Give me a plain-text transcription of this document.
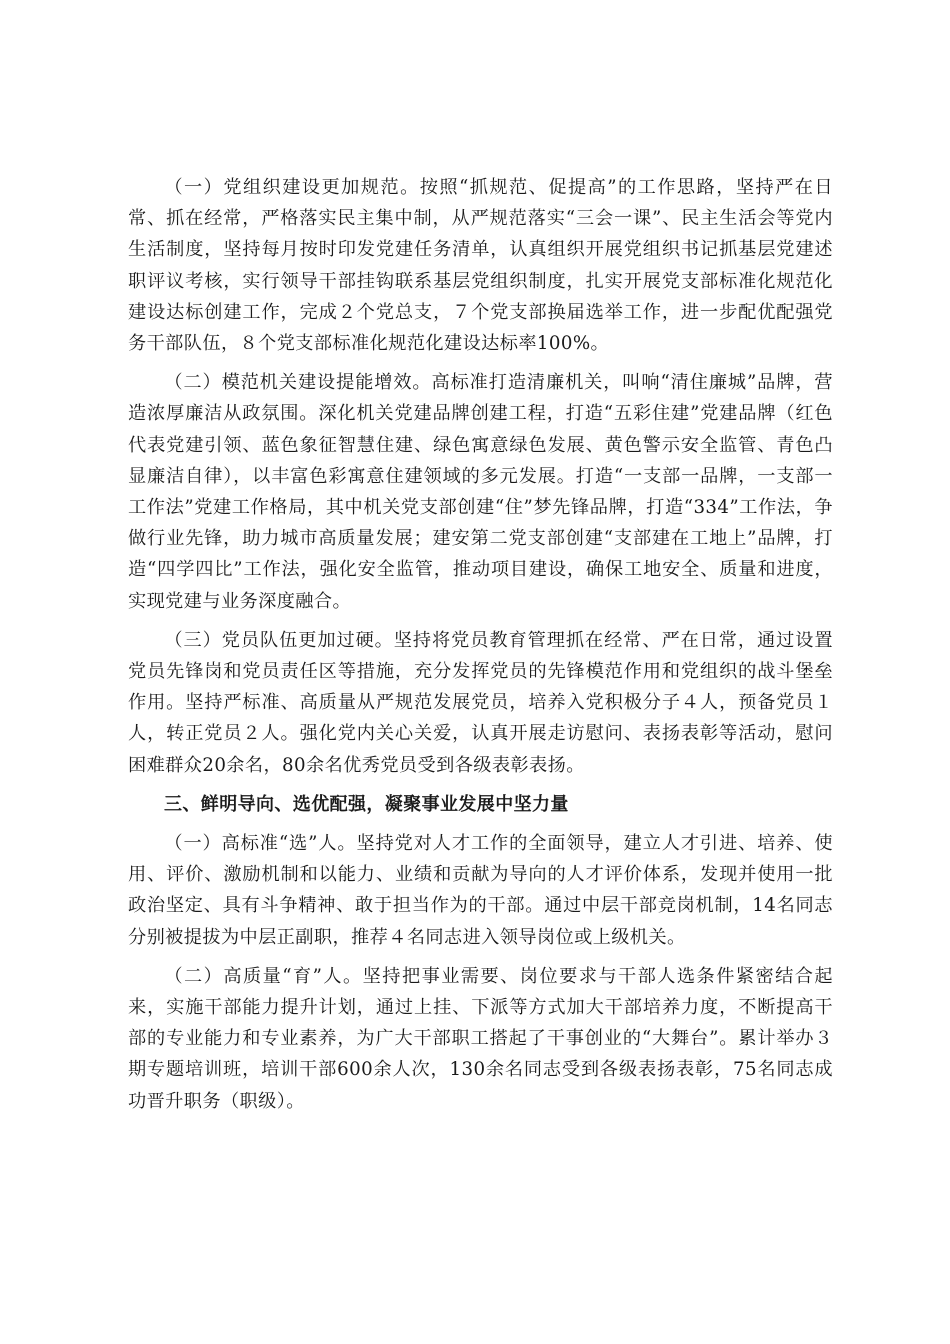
（一）党组织建设更加规范。按照“抓规范、促提高”的工作思路，坚持严在日常、抓在经常，严格落实民主集中制，从严规范落实“三会一课”、民主生活会等党内生活制度，坚持每月按时印发党建任务清单，认真组织开展党组织书记抓基层党建述职评议考核，实行领导干部挂钩联系基层党组织制度，扎实开展党支部标准化规范化建设达标创建工作，完成２个党总支，７个党支部换届选举工作，进一步配优配强党务干部队伍，８个党支部标准化规范化建设达标率100%。

（二）模范机关建设提能增效。高标准打造清廉机关，叫响“清住廉城”品牌，营造浓厚廉洁从政氛围。深化机关党建品牌创建工程，打造“五彩住建”党建品牌（红色代表党建引领、蓝色象征智慧住建、绿色寓意绿色发展、黄色警示安全监管、青色凸显廉洁自律），以丰富色彩寓意住建领域的多元发展。打造“一支部一品牌，一支部一工作法”党建工作格局，其中机关党支部创建“住”梦先锋品牌，打造“334”工作法，争做行业先锋，助力城市高质量发展；建安第二党支部创建“支部建在工地上”品牌，打造“四学四比”工作法，强化安全监管，推动项目建设，确保工地安全、质量和进度，实现党建与业务深度融合。

（三）党员队伍更加过硬。坚持将党员教育管理抓在经常、严在日常，通过设置党员先锋岗和党员责任区等措施，充分发挥党员的先锋模范作用和党组织的战斗堡垒作用。坚持严标准、高质量从严规范发展党员，培养入党积极分子４人，预备党员１人，转正党员２人。强化党内关心关爱，认真开展走访慰问、表扬表彰等活动，慰问困难群众20余名，80余名优秀党员受到各级表彰表扬。

三、鲜明导向、选优配强，凝聚事业发展中坚力量

（一）高标准“选”人。坚持党对人才工作的全面领导，建立人才引进、培养、使用、评价、激励机制和以能力、业绩和贡献为导向的人才评价体系，发现并使用一批政治坚定、具有斗争精神、敢于担当作为的干部。通过中层干部竞岗机制，14名同志分别被提拔为中层正副职，推荐４名同志进入领导岗位或上级机关。

（二）高质量“育”人。坚持把事业需要、岗位要求与干部人选条件紧密结合起来，实施干部能力提升计划，通过上挂、下派等方式加大干部培养力度，不断提高干部的专业能力和专业素养，为广大干部职工搭起了干事创业的“大舞台”。累计举办３期专题培训班，培训干部600余人次，130余名同志受到各级表扬表彰，75名同志成功晋升职务（职级）。
